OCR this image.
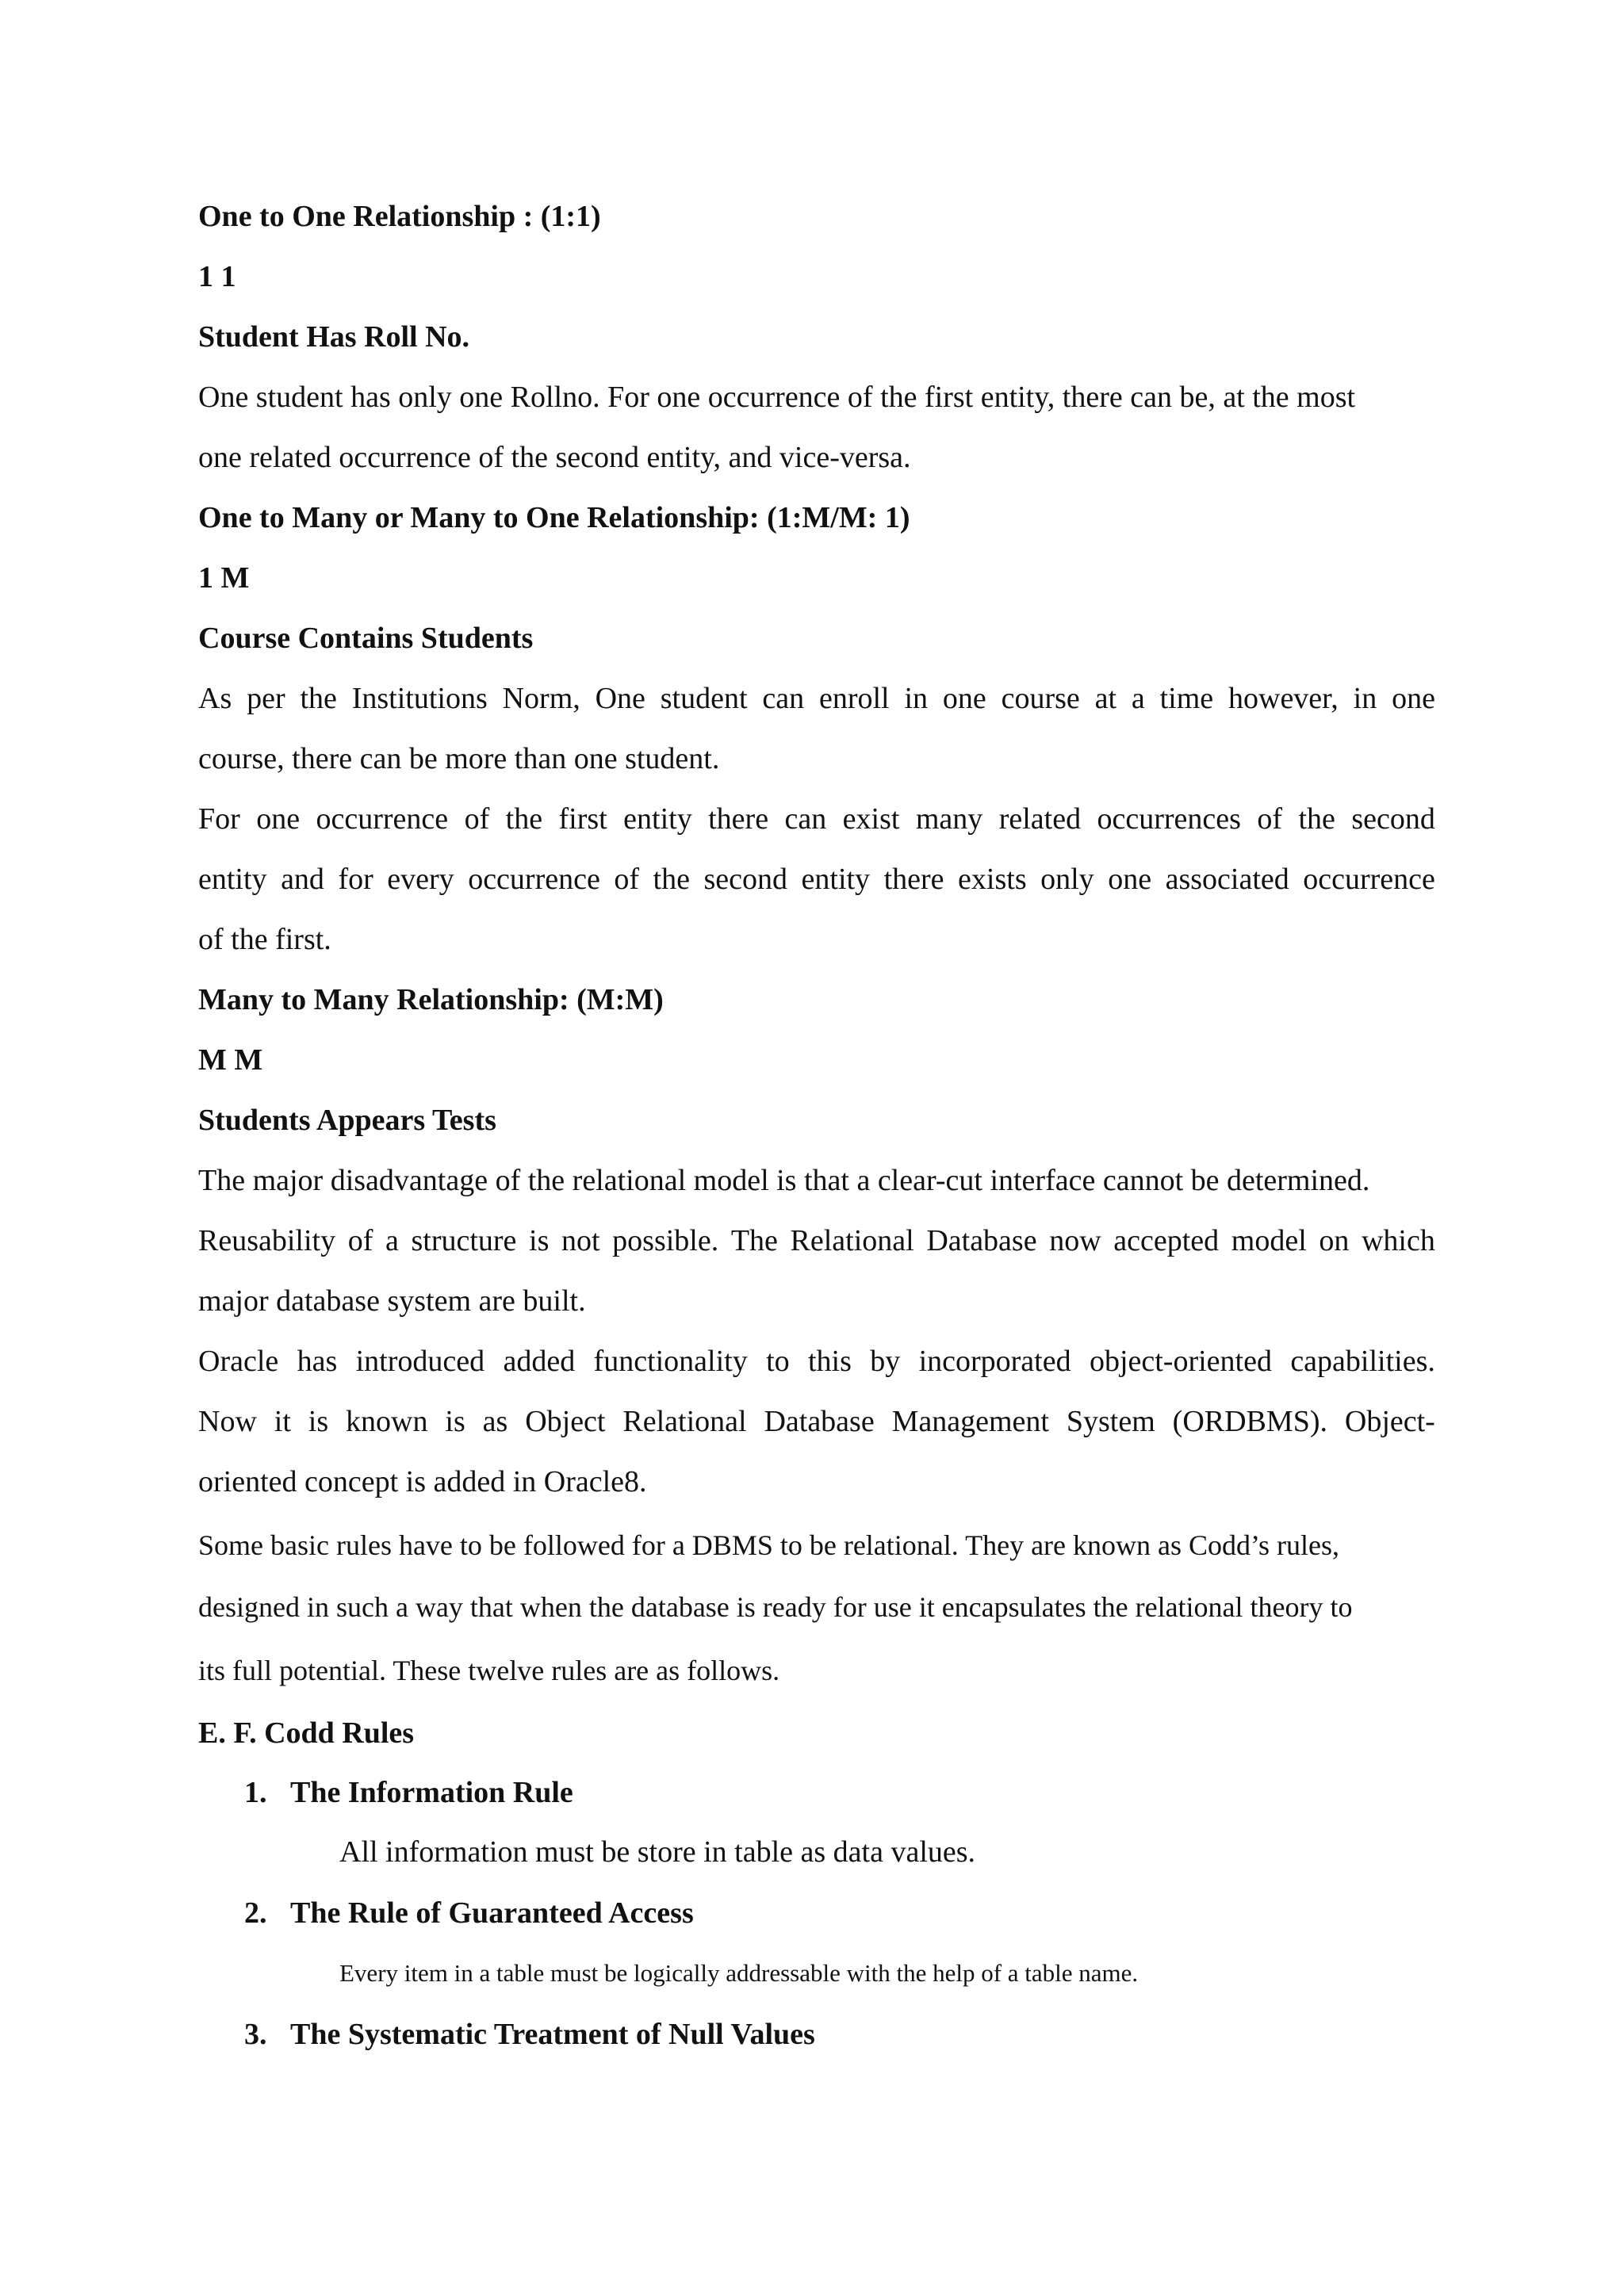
One to One Relationship : (1:1)

1 1

Student Has Roll No.

One student has only one Rollno. For one occurrence of the first entity, there can be, at the most

one related occurrence of the second entity, and vice-versa.

One to Many or Many to One Relationship: (1:M/M: 1)

1 M

Course Contains Students

As per the Institutions Norm, One student can enroll in one course at a time however, in one

course, there can be more than one student.

For one occurrence of the first entity there can exist many related occurrences of the second

entity and for every occurrence of the second entity there exists only one associated occurrence

of the first.

Many to Many Relationship: (M:M)

M M

Students Appears Tests

The major disadvantage of the relational model is that a clear-cut interface cannot be determined.

Reusability of a structure is not possible. The Relational Database now accepted model on which

major database system are built.

Oracle has introduced added functionality to this by incorporated object-oriented capabilities.

Now it is known is as Object Relational Database Management System (ORDBMS). Object-

oriented concept is added in Oracle8.

Some basic rules have to be followed for a DBMS to be relational. They are known as Codd’s rules,

designed in such a way that when the database is ready for use it encapsulates the relational theory to

its full potential. These twelve rules are as follows.

E. F. Codd Rules

1. The Information Rule

All information must be store in table as data values.

2. The Rule of Guaranteed Access

Every item in a table must be logically addressable with the help of a table name.

3. The Systematic Treatment of Null Values
